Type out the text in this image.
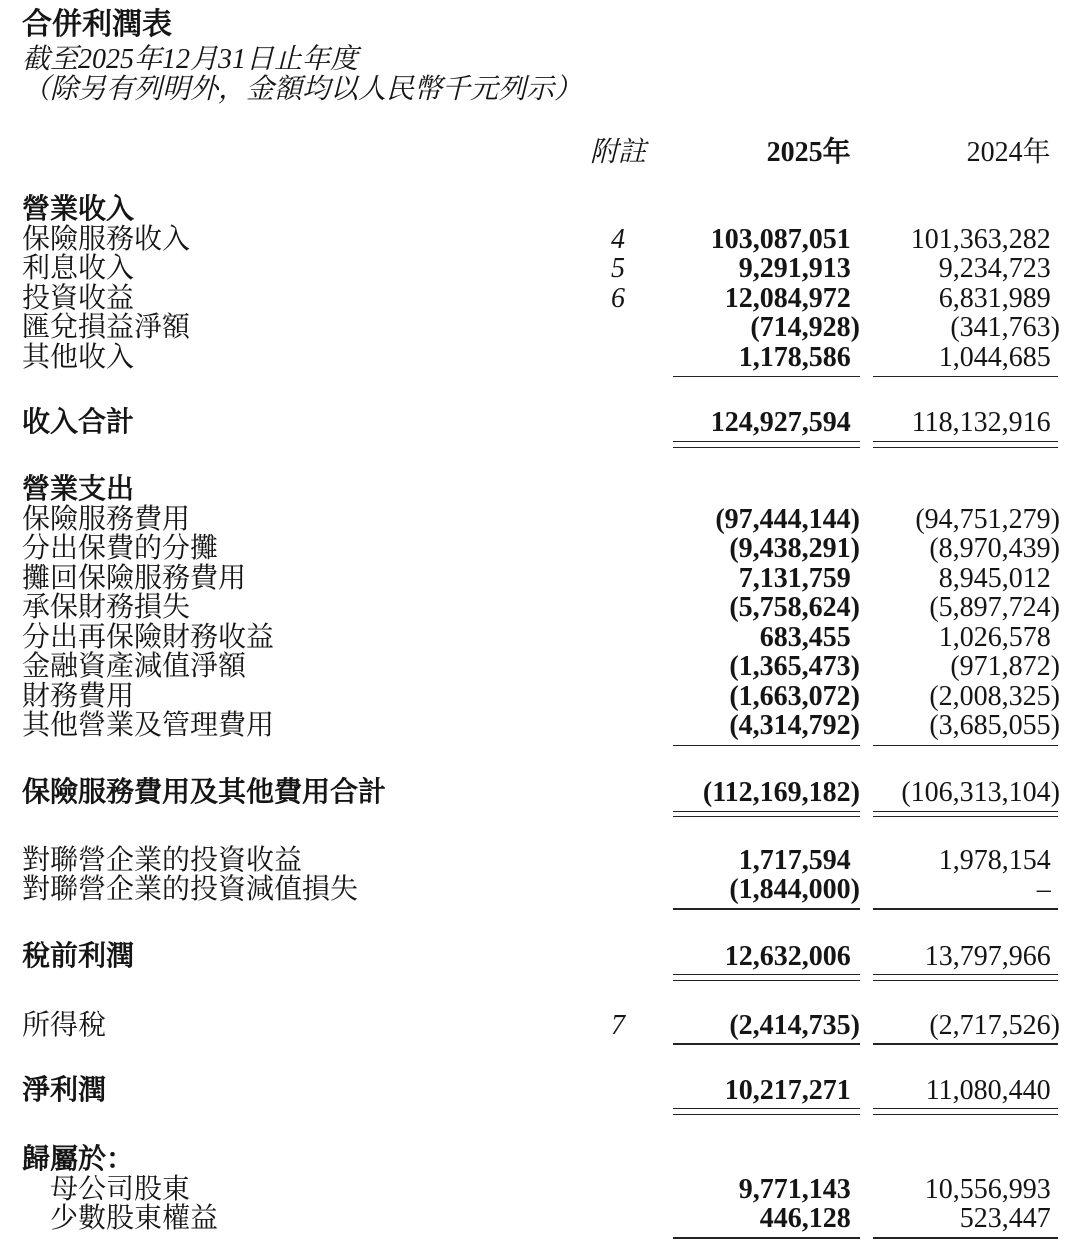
合併利潤表
截至2025年12月31日止年度
（除另有列明外，金額均以人民幣千元列示）
附註	2025年	2024年
營業收入
保險服務收入	4	103,087,051	101,363,282
利息收入	5	9,291,913	9,234,723
投資收益	6	12,084,972	6,831,989
匯兌損益淨額	(714,928)	(341,763)
其他收入	1,178,586	1,044,685
收入合計	124,927,594	118,132,916
營業支出
保險服務費用	(97,444,144) (94,751,279)
分出保費的分攤	(9,438,291) (8,970,439)
攤回保險服務費用	7,131,759	8,945,012
承保財務損失	(5,758,624) (5,897,724)
分出再保險財務收益	683,455	1,026,578
金融資產減值淨額	(1,365,473)	(971,872)
財務費用	(1,663,072) (2,008,325)
其他營業及管理費用	(4,314,792) (3,685,055)
保險服務費用及其他費用合計	(112,169,182) (106,313,104)
對聯營企業的投資收益	1,717,594	1,978,154
對聯營企業的投資減值損失	(1,844,000)	–
稅前利潤	12,632,006	13,797,966
所得稅	7	(2,414,735) (2,717,526)
淨利潤	10,217,271	11,080,440
歸屬於：
母公司股東	9,771,143	10,556,993
少數股東權益	446,128	523,447
